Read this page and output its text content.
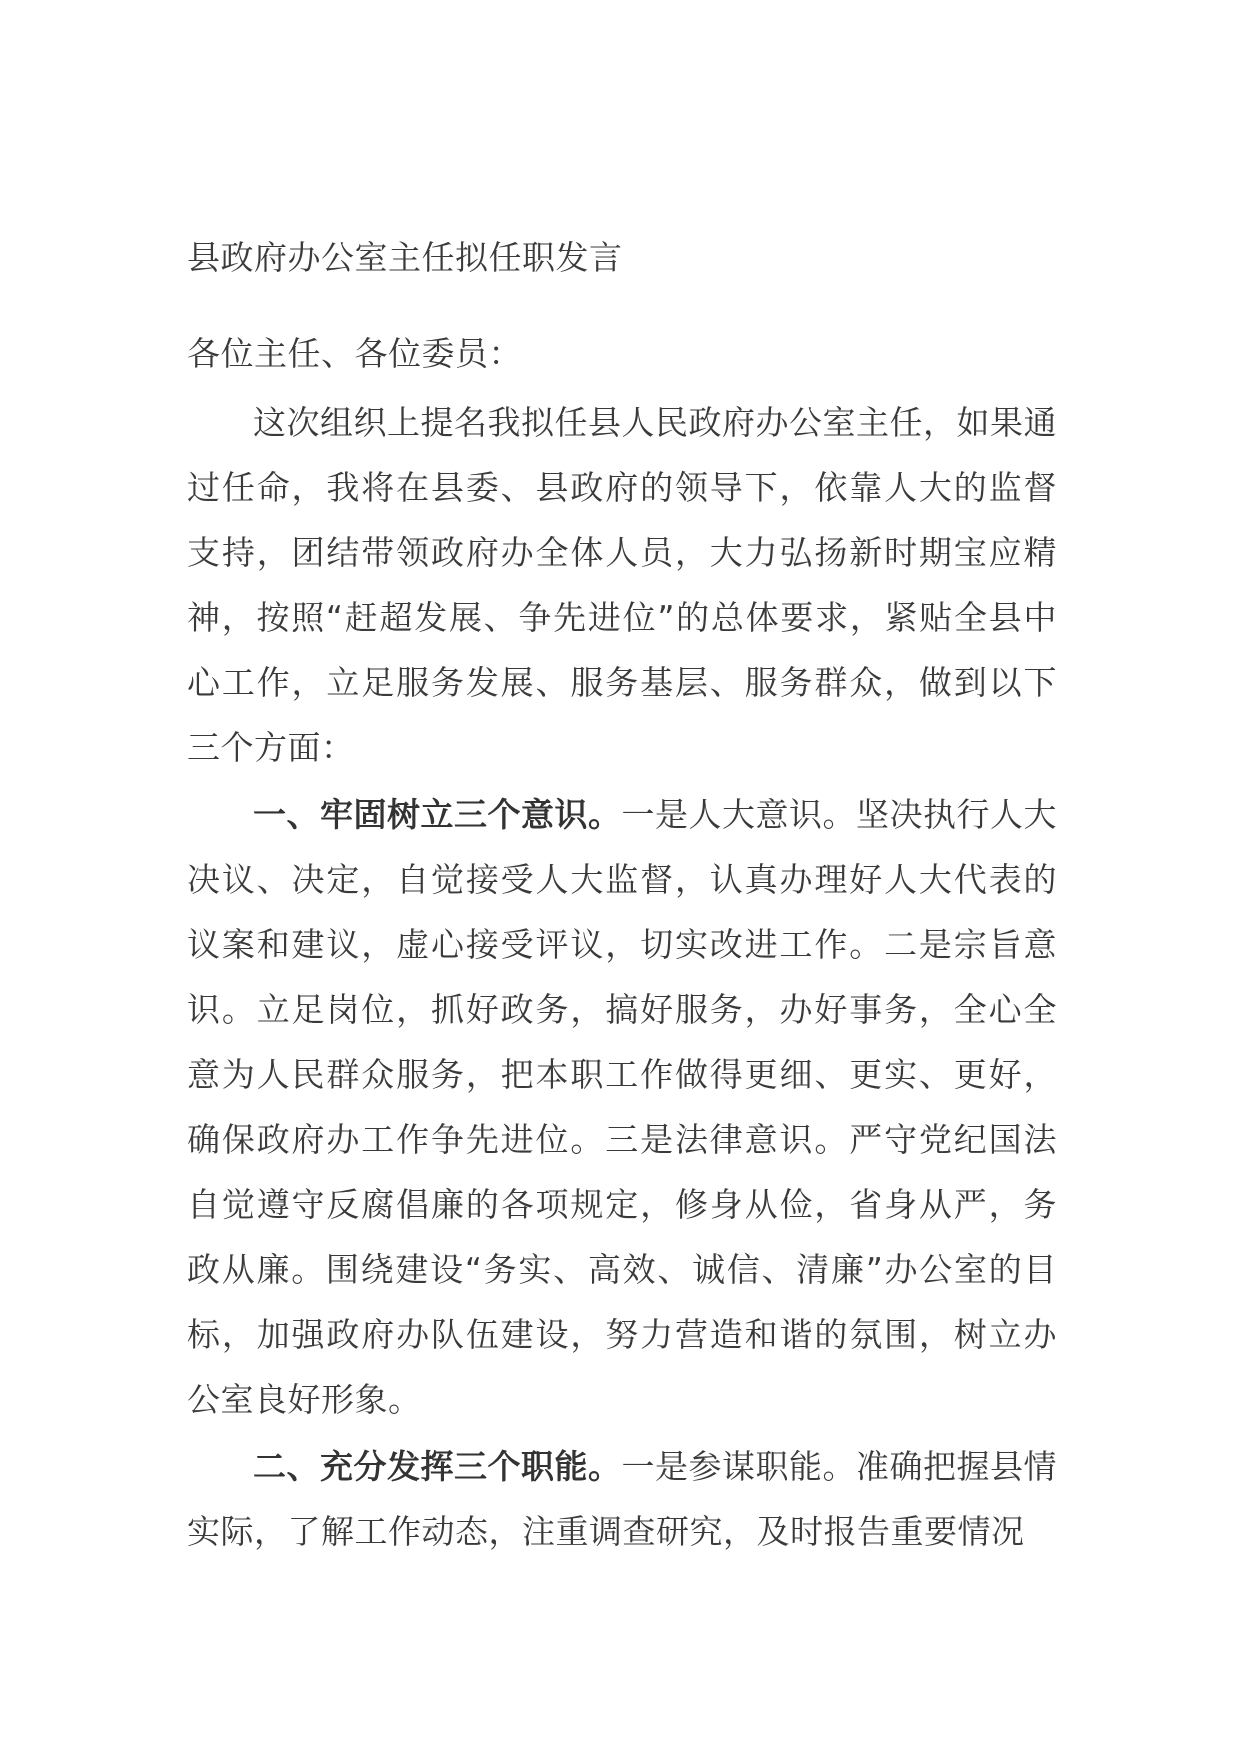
县政府办公室主任拟任职发言

各位主任、各位委员：

这次组织上提名我拟任县人民政府办公室主任，如果通过任命，我将在县委、县政府的领导下，依靠人大的监督支持，团结带领政府办全体人员，大力弘扬新时期宝应精神，按照“赶超发展、争先进位”的总体要求，紧贴全县中心工作，立足服务发展、服务基层、服务群众，做到以下三个方面：

一、牢固树立三个意识。一是人大意识。坚决执行人大决议、决定，自觉接受人大监督，认真办理好人大代表的议案和建议，虚心接受评议，切实改进工作。二是宗旨意识。立足岗位，抓好政务，搞好服务，办好事务，全心全意为人民群众服务，把本职工作做得更细、更实、更好，确保政府办工作争先进位。三是法律意识。严守党纪国法自觉遵守反腐倡廉的各项规定，修身从俭，省身从严，务政从廉。围绕建设“务实、高效、诚信、清廉”办公室的目标，加强政府办队伍建设，努力营造和谐的氛围，树立办公室良好形象。

二、充分发挥三个职能。一是参谋职能。准确把握县情实际，了解工作动态，注重调查研究，及时报告重要情况
